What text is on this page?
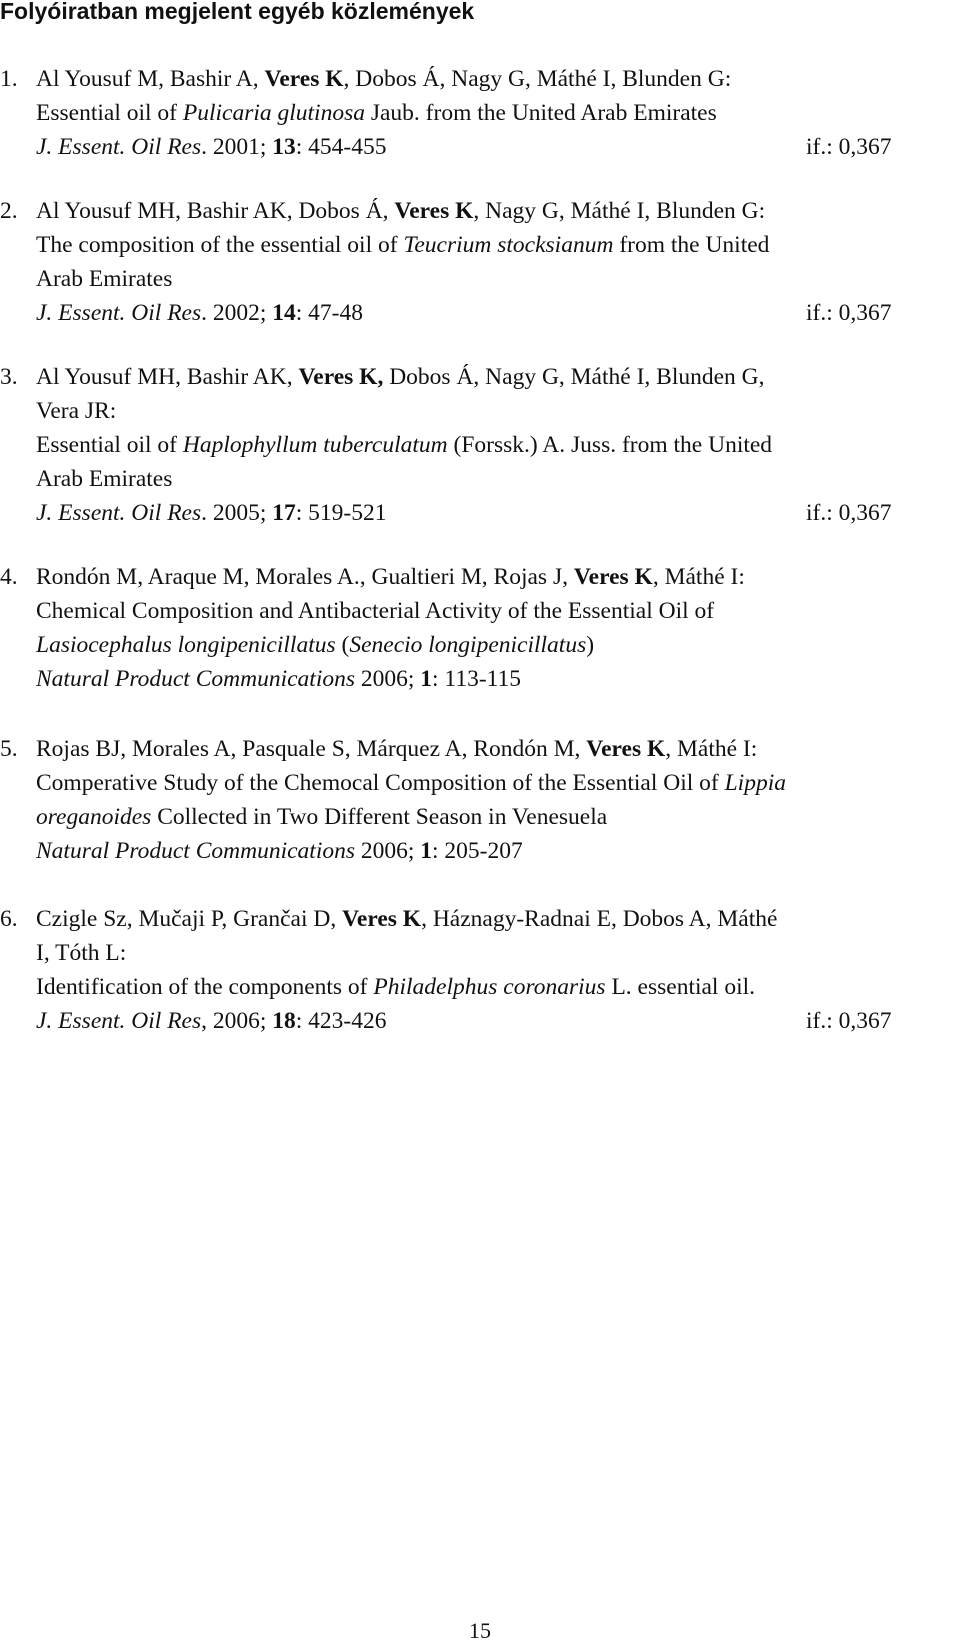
Folyóiratban megjelent egyéb közlemények
1. Al Yousuf M, Bashir A, Veres K, Dobos Á, Nagy G, Máthé I, Blunden G:
Essential oil of Pulicaria glutinosa Jaub. from the United Arab Emirates
J. Essent. Oil Res. 2001; 13: 454-455	if.: 0,367
2. Al Yousuf MH, Bashir AK, Dobos Á, Veres K, Nagy G, Máthé I, Blunden G:
The composition of the essential oil of Teucrium stocksianum from the United
Arab Emirates
J. Essent. Oil Res. 2002; 14: 47-48	if.: 0,367
3. Al Yousuf MH, Bashir AK, Veres K, Dobos Á, Nagy G, Máthé I, Blunden G,
Vera JR:
Essential oil of Haplophyllum tuberculatum (Forssk.) A. Juss. from the United
Arab Emirates
J. Essent. Oil Res. 2005; 17: 519-521	if.: 0,367
4. Rondón M, Araque M, Morales A., Gualtieri M, Rojas J, Veres K, Máthé I:
Chemical Composition and Antibacterial Activity of the Essential Oil of
Lasiocephalus longipenicillatus (Senecio longipenicillatus)
Natural Product Communications 2006; 1: 113-115
5. Rojas BJ, Morales A, Pasquale S, Márquez A, Rondón M, Veres K, Máthé I:
Comperative Study of the Chemocal Composition of the Essential Oil of Lippia
oreganoides Collected in Two Different Season in Venesuela
Natural Product Communications 2006; 1: 205-207
6. Czigle Sz, Mučaji P, Grančai D, Veres K, Háznagy-Radnai E, Dobos A, Máthé
I, Tóth L:
Identification of the components of Philadelphus coronarius L. essential oil.
J. Essent. Oil Res, 2006; 18: 423-426	if.: 0,367
15
